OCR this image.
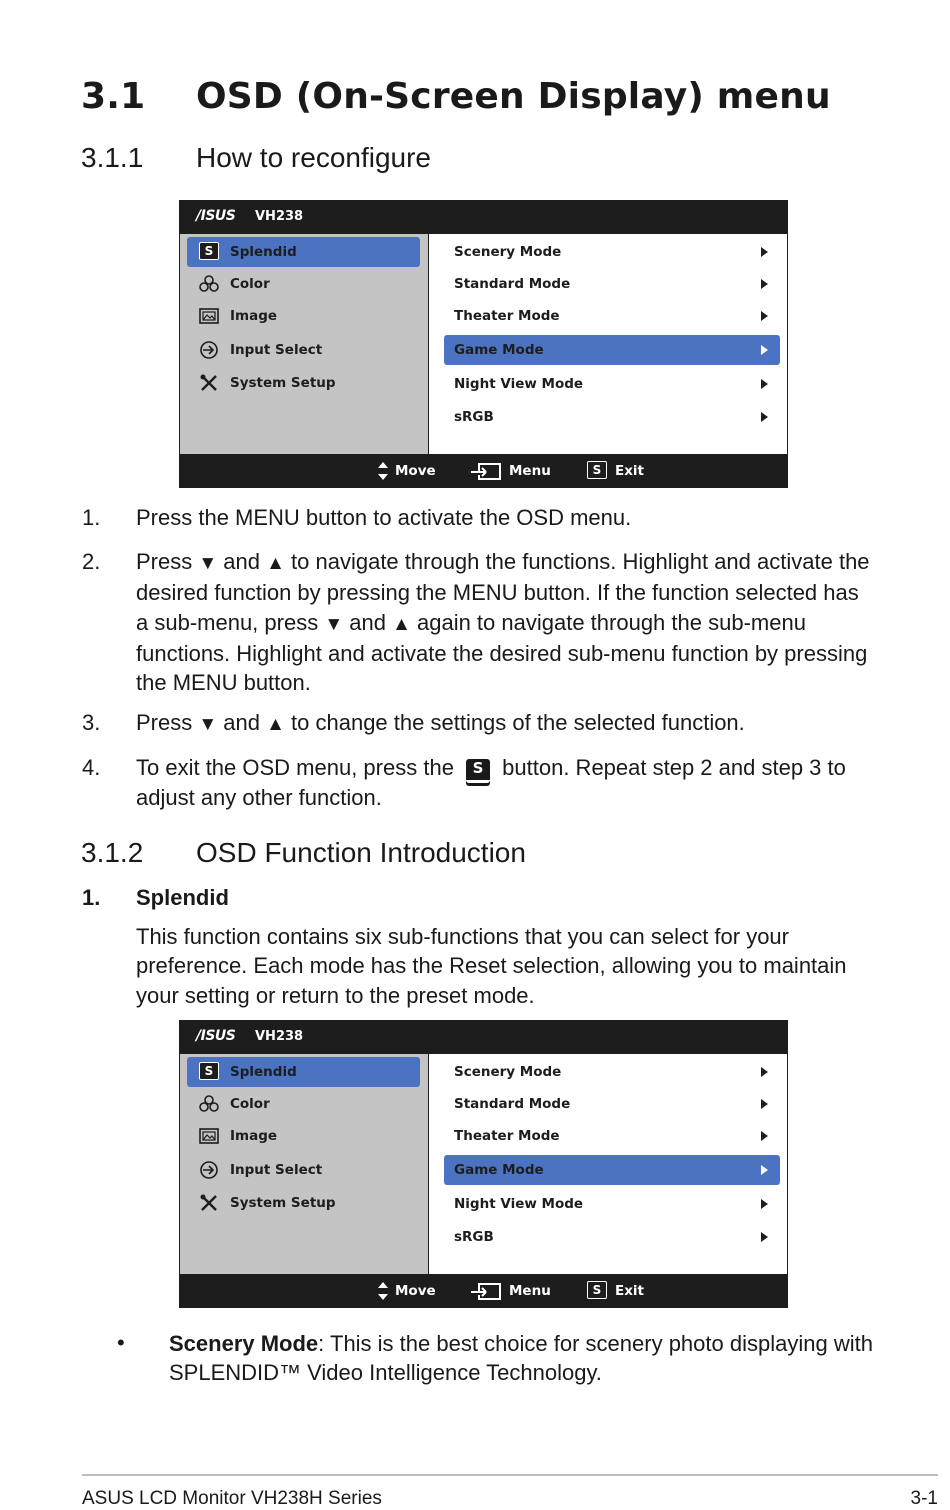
3.1 OSD (On-Screen Display) menu
3.1.1 How to reconfigure
/ISUS VH238
S	Splendid
Color
Image
Input Select
System Setup
Scenery Mode
Standard Mode
Theater Mode
Game Mode
Night View Mode
sRGB
Move	Menu	S	Exit
1. Press the MENU button to activate the OSD menu.
2. Press ▼ and ▲ to navigate through the functions. Highlight and activate the desired function by pressing the MENU button. If the function selected has a sub-menu, press ▼ and ▲ again to navigate through the sub-menu functions. Highlight and activate the desired sub-menu function by pressing the MENU button.
3. Press ▼ and ▲ to change the settings of the selected function.
4. To exit the OSD menu, press the S button. Repeat step 2 and step 3 to adjust any other function.
3.1.2 OSD Function Introduction
1. Splendid
This function contains six sub-functions that you can select for your preference. Each mode has the Reset selection, allowing you to maintain your setting or return to the preset mode.
/ISUS VH238
S	Splendid
Color
Image
Input Select
System Setup
Scenery Mode
Standard Mode
Theater Mode
Game Mode
Night View Mode
sRGB
Move	Menu	S	Exit
• Scenery Mode: This is the best choice for scenery photo displaying with SPLENDID™ Video Intelligence Technology.
ASUS LCD Monitor VH238H Series	3-1
